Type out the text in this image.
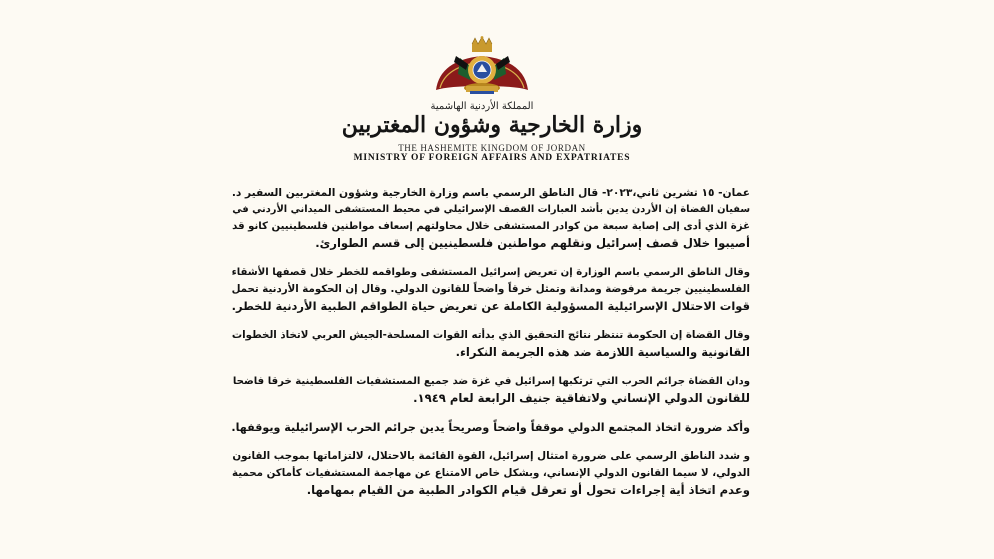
المملكة الأردنية الهاشمية
وزارة الخارجية وشؤون المغتربين
THE HASHEMITE KINGDOM OF JORDAN
MINISTRY OF FOREIGN AFFAIRS AND EXPATRIATES

عمان- ١٥ تشرين ثاني،٢٠٢٣- قال الناطق الرسمي باسم وزارة الخارجية وشؤون المغتربين السفير د.
سفيان القضاة إن الأردن يدين بأشد العبارات القصف الإسرائيلي في محيط المستشفى الميداني الأردني في
غزة الذي أدى إلى إصابة سبعة من كوادر المستشفى خلال محاولتهم إسعاف مواطنين فلسطينيين كانو قد
أصيبوا خلال قصف إسرائيل ونقلهم مواطنين فلسطينيين إلى قسم الطوارئ.

وقال الناطق الرسمي باسم الوزارة إن تعريض إسرائيل المستشفى وطواقمه للخطر خلال قصفها الأشقاء
الفلسطينيين جريمة مرفوضة ومدانة وتمثل خرقاً واضحاً للقانون الدولي. وقال إن الحكومة الأردنية تحمل
قوات الاحتلال الإسرائيلية المسؤولية الكاملة عن تعريض حياة الطواقم الطبية الأردنية للخطر.

وقال القضاة إن الحكومة تنتظر نتائج التحقيق الذي بدأته القوات المسلحة-الجيش العربي لاتخاذ الخطوات
القانونية والسياسية اللازمة ضد هذه الجريمة النكراء.

ودان القضاة جرائم الحرب التي ترتكبها إسرائيل في غزة ضد جميع المستشفيات الفلسطينية خرقا فاضحا
للقانون الدولي الإنساني ولاتفاقية جنيف الرابعة لعام ١٩٤٩.

وأكد ضرورة اتخاذ المجتمع الدولي موقفاً واضحاً وصريحاً يدين جرائم الحرب الإسرائيلية ويوقفها.

و شدد الناطق الرسمي على ضرورة امتثال إسرائيل، القوة القائمة بالاحتلال، لالتزاماتها بموجب القانون
الدولي، لا سيما القانون الدولي الإنساني، وبشكل خاص الامتناع عن مهاجمة المستشفيات كأماكن محمية
وعدم اتخاذ أية إجراءات تحول أو تعرقل قيام الكوادر الطبية من القيام بمهامها.
